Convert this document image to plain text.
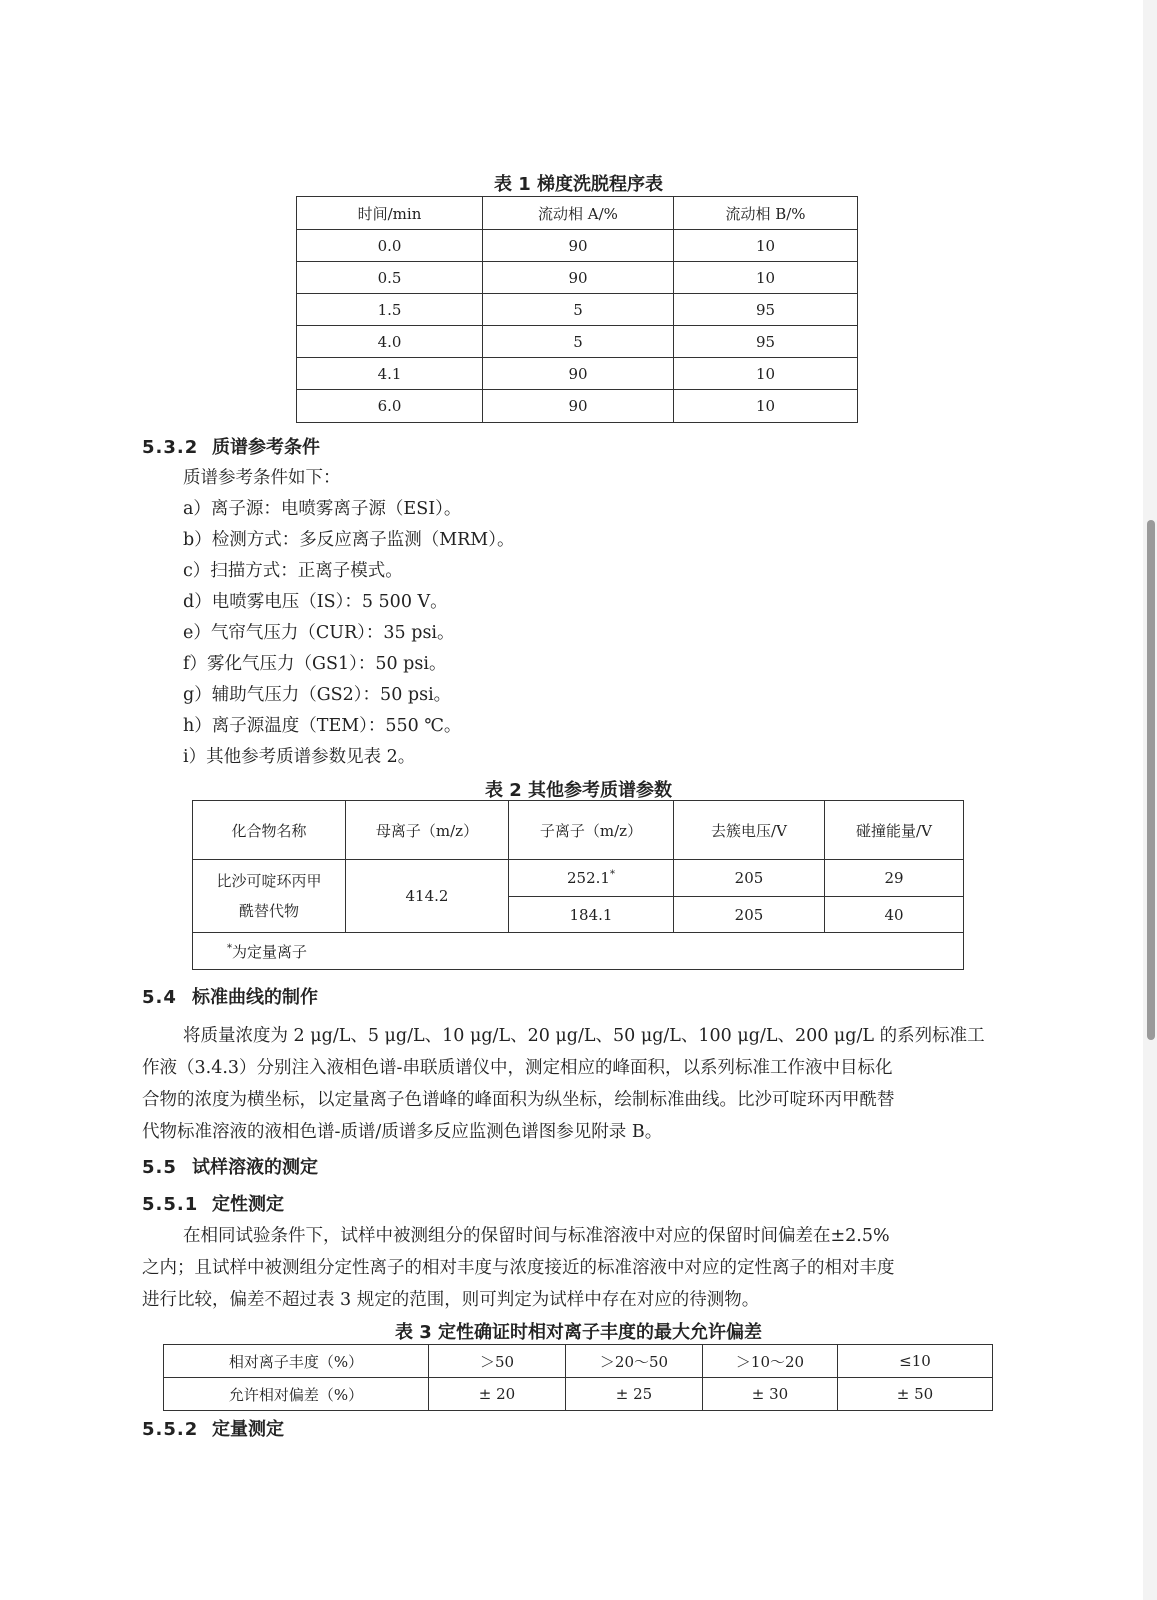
表 1 梯度洗脱程序表
时间/min	流动相 A/%	流动相 B/%
0.0	90	10
0.5	90	10
1.5	5	95
4.0	5	95
4.1	90	10
6.0	90	10
5.3.2 质谱参考条件
质谱参考条件如下：
a）离子源：电喷雾离子源（ESI）。
b）检测方式：多反应离子监测（MRM）。
c）扫描方式：正离子模式。
d）电喷雾电压（IS）：5 500 V。
e）气帘气压力（CUR）：35 psi。
f）雾化气压力（GS1）：50 psi。
g）辅助气压力（GS2）：50 psi。
h）离子源温度（TEM）：550 ℃。
i）其他参考质谱参数见表 2。
表 2 其他参考质谱参数
化合物名称	母离子（m/z）	子离子（m/z）	去簇电压/V	碰撞能量/V

比沙可啶环丙甲
酰替代物	414.2	252.1*	205	29
		184.1	205	40
*为定量离子				
5.4 标准曲线的制作
将质量浓度为 2 μg/L、5 μg/L、10 μg/L、20 μg/L、50 μg/L、100 μg/L、200 μg/L 的系列标准工
作液（3.4.3）分别注入液相色谱-串联质谱仪中，测定相应的峰面积，以系列标准工作液中目标化
合物的浓度为横坐标，以定量离子色谱峰的峰面积为纵坐标，绘制标准曲线。比沙可啶环丙甲酰替
代物标准溶液的液相色谱-质谱/质谱多反应监测色谱图参见附录 B。
5.5 试样溶液的测定
5.5.1 定性测定
在相同试验条件下，试样中被测组分的保留时间与标准溶液中对应的保留时间偏差在±2.5%
之内；且试样中被测组分定性离子的相对丰度与浓度接近的标准溶液中对应的定性离子的相对丰度
进行比较，偏差不超过表 3 规定的范围，则可判定为试样中存在对应的待测物。
表 3 定性确证时相对离子丰度的最大允许偏差
相对离子丰度（%）	＞50	＞20～50	＞10～20	≤10
允许相对偏差（%）	± 20	± 25	± 30	± 50
5.5.2 定量测定
